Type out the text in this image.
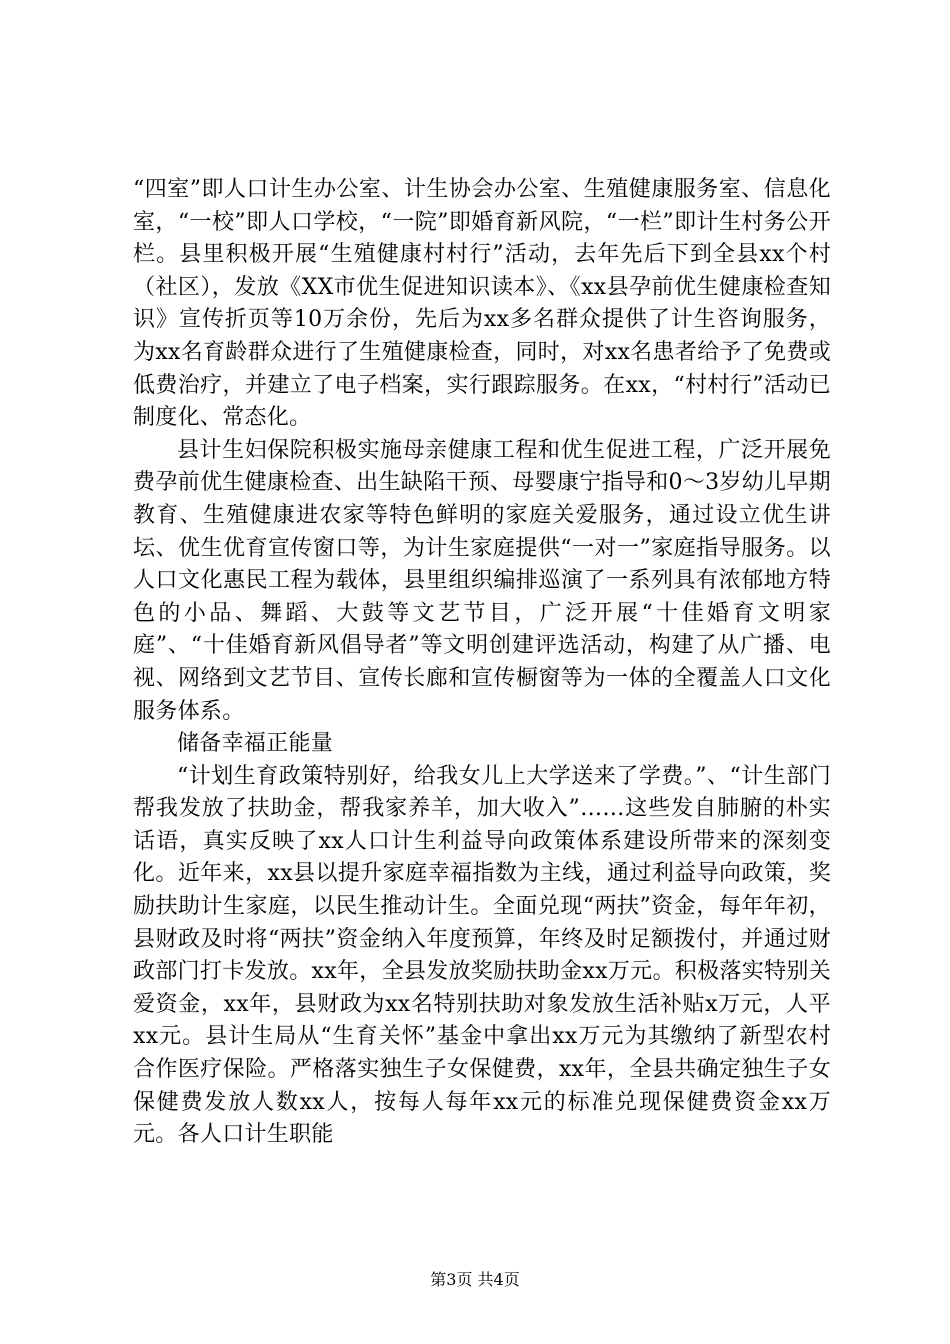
“四室”即人口计生办公室、计生协会办公室、生殖健康服务室、信息化室，“一校”即人口学校，“一院”即婚育新风院，“一栏”即计生村务公开栏。县里积极开展“生殖健康村村行”活动，去年先后下到全县xx个村（社区），发放《XX市优生促进知识读本》、《xx县孕前优生健康检查知识》宣传折页等10万余份，先后为xx多名群众提供了计生咨询服务，为xx名育龄群众进行了生殖健康检查，同时，对xx名患者给予了免费或低费治疗，并建立了电子档案，实行跟踪服务。在xx，“村村行”活动已制度化、常态化。

县计生妇保院积极实施母亲健康工程和优生促进工程，广泛开展免费孕前优生健康检查、出生缺陷干预、母婴康宁指导和0～3岁幼儿早期教育、生殖健康进农家等特色鲜明的家庭关爱服务，通过设立优生讲坛、优生优育宣传窗口等，为计生家庭提供“一对一”家庭指导服务。以人口文化惠民工程为载体，县里组织编排巡演了一系列具有浓郁地方特色的小品、舞蹈、大鼓等文艺节目，广泛开展“十佳婚育文明家庭”、“十佳婚育新风倡导者”等文明创建评选活动，构建了从广播、电视、网络到文艺节目、宣传长廊和宣传橱窗等为一体的全覆盖人口文化服务体系。

储备幸福正能量

“计划生育政策特别好，给我女儿上大学送来了学费。”、“计生部门帮我发放了扶助金，帮我家养羊，加大收入”……这些发自肺腑的朴实话语，真实反映了xx人口计生利益导向政策体系建设所带来的深刻变化。近年来，xx县以提升家庭幸福指数为主线，通过利益导向政策，奖励扶助计生家庭，以民生推动计生。全面兑现“两扶”资金，每年年初，县财政及时将“两扶”资金纳入年度预算，年终及时足额拨付，并通过财政部门打卡发放。xx年，全县发放奖励扶助金xx万元。积极落实特别关爱资金，xx年，县财政为xx名特别扶助对象发放生活补贴x万元，人平xx元。县计生局从“生育关怀”基金中拿出xx万元为其缴纳了新型农村合作医疗保险。严格落实独生子女保健费，xx年，全县共确定独生子女保健费发放人数xx人，按每人每年xx元的标准兑现保健费资金xx万元。各人口计生职能

第3页 共4页
